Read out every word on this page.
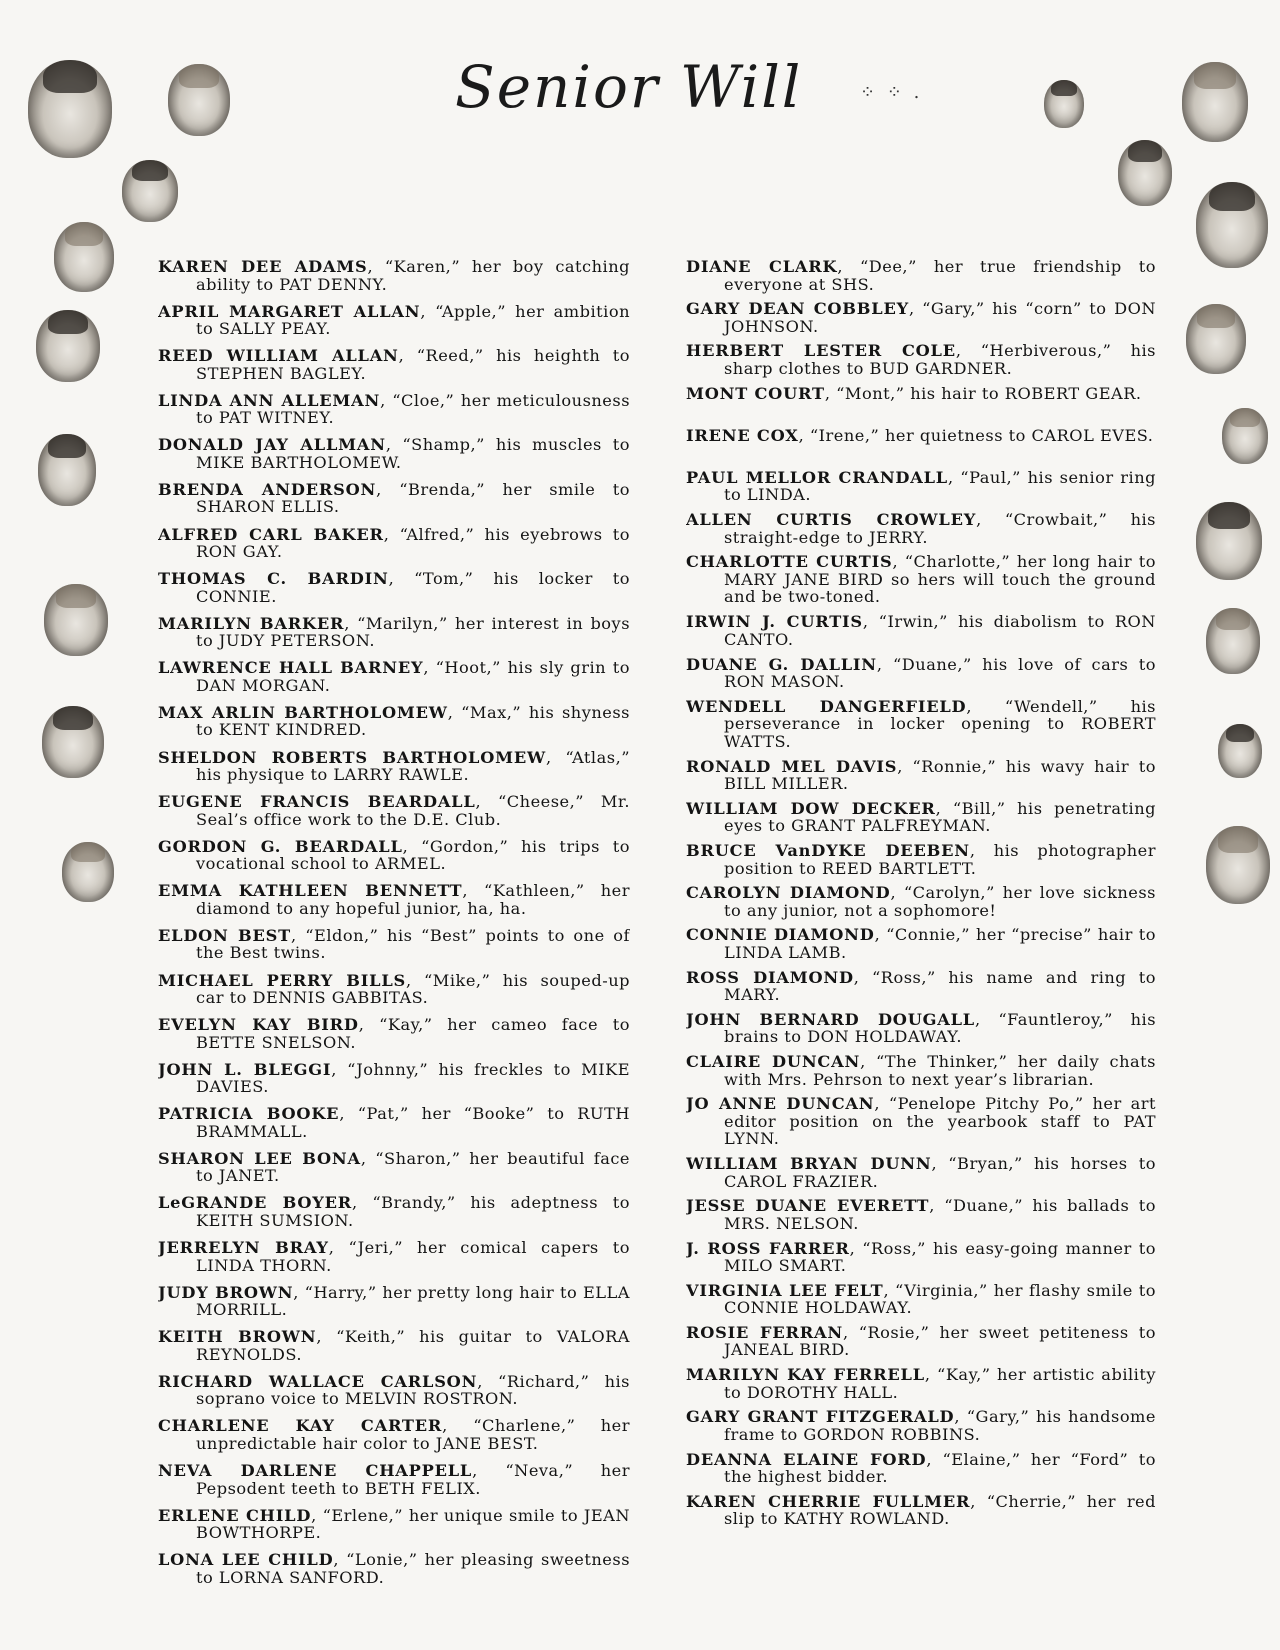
Senior Will	⁘ ⁘ .

KAREN DEE ADAMS, “Karen,” her boy catching ability to PAT DENNY.

APRIL MARGARET ALLAN, “Apple,” her ambition to SALLY PEAY.

REED WILLIAM ALLAN, “Reed,” his heighth to STEPHEN BAGLEY.

LINDA ANN ALLEMAN, “Cloe,” her meticulousness to PAT WITNEY.

DONALD JAY ALLMAN, “Shamp,” his muscles to MIKE BARTHOLOMEW.

BRENDA ANDERSON, “Brenda,” her smile to SHARON ELLIS.

ALFRED CARL BAKER, “Alfred,” his eyebrows to RON GAY.

THOMAS C. BARDIN, “Tom,” his locker to CONNIE.

MARILYN BARKER, “Marilyn,” her interest in boys to JUDY PETERSON.

LAWRENCE HALL BARNEY, “Hoot,” his sly grin to DAN MORGAN.

MAX ARLIN BARTHOLOMEW, “Max,” his shyness to KENT KINDRED.

SHELDON ROBERTS BARTHOLOMEW, “Atlas,” his physique to LARRY RAWLE.

EUGENE FRANCIS BEARDALL, “Cheese,” Mr. Seal’s office work to the D.E. Club.

GORDON G. BEARDALL, “Gordon,” his trips to vocational school to ARMEL.

EMMA KATHLEEN BENNETT, “Kathleen,” her diamond to any hopeful junior, ha, ha.

ELDON BEST, “Eldon,” his “Best” points to one of the Best twins.

MICHAEL PERRY BILLS, “Mike,” his souped-up car to DENNIS GABBITAS.

EVELYN KAY BIRD, “Kay,” her cameo face to BETTE SNELSON.

JOHN L. BLEGGI, “Johnny,” his freckles to MIKE DAVIES.

PATRICIA BOOKE, “Pat,” her “Booke” to RUTH BRAMMALL.

SHARON LEE BONA, “Sharon,” her beautiful face to JANET.

LeGRANDE BOYER, “Brandy,” his adeptness to KEITH SUMSION.

JERRELYN BRAY, “Jeri,” her comical capers to LINDA THORN.

JUDY BROWN, “Harry,” her pretty long hair to ELLA MORRILL.

KEITH BROWN, “Keith,” his guitar to VALORA REYNOLDS.

RICHARD WALLACE CARLSON, “Richard,” his soprano voice to MELVIN ROSTRON.

CHARLENE KAY CARTER, “Charlene,” her unpredictable hair color to JANE BEST.

NEVA DARLENE CHAPPELL, “Neva,” her Pepsodent teeth to BETH FELIX.

ERLENE CHILD, “Erlene,” her unique smile to JEAN BOWTHORPE.

LONA LEE CHILD, “Lonie,” her pleasing sweetness to LORNA SANFORD.

DIANE CLARK, “Dee,” her true friendship to everyone at SHS.

GARY DEAN COBBLEY, “Gary,” his “corn” to DON JOHNSON.

HERBERT LESTER COLE, “Herbiverous,” his sharp clothes to BUD GARDNER.

MONT COURT, “Mont,” his hair to ROBERT GEAR.

IRENE COX, “Irene,” her quietness to CAROL EVES.

PAUL MELLOR CRANDALL, “Paul,” his senior ring to LINDA.

ALLEN CURTIS CROWLEY, “Crowbait,” his straight-edge to JERRY.

CHARLOTTE CURTIS, “Charlotte,” her long hair to MARY JANE BIRD so hers will touch the ground and be two-toned.

IRWIN J. CURTIS, “Irwin,” his diabolism to RON CANTO.

DUANE G. DALLIN, “Duane,” his love of cars to RON MASON.

WENDELL DANGERFIELD, “Wendell,” his perseverance in locker opening to ROBERT WATTS.

RONALD MEL DAVIS, “Ronnie,” his wavy hair to BILL MILLER.

WILLIAM DOW DECKER, “Bill,” his penetrating eyes to GRANT PALFREYMAN.

BRUCE VanDYKE DEEBEN, his photographer position to REED BARTLETT.

CAROLYN DIAMOND, “Carolyn,” her love sickness to any junior, not a sophomore!

CONNIE DIAMOND, “Connie,” her “precise” hair to LINDA LAMB.

ROSS DIAMOND, “Ross,” his name and ring to MARY.

JOHN BERNARD DOUGALL, “Fauntleroy,” his brains to DON HOLDAWAY.

CLAIRE DUNCAN, “The Thinker,” her daily chats with Mrs. Pehrson to next year’s librarian.

JO ANNE DUNCAN, “Penelope Pitchy Po,” her art editor position on the yearbook staff to PAT LYNN.

WILLIAM BRYAN DUNN, “Bryan,” his horses to CAROL FRAZIER.

JESSE DUANE EVERETT, “Duane,” his ballads to MRS. NELSON.

J. ROSS FARRER, “Ross,” his easy-going manner to MILO SMART.

VIRGINIA LEE FELT, “Virginia,” her flashy smile to CONNIE HOLDAWAY.

ROSIE FERRAN, “Rosie,” her sweet petiteness to JANEAL BIRD.

MARILYN KAY FERRELL, “Kay,” her artistic ability to DOROTHY HALL.

GARY GRANT FITZGERALD, “Gary,” his handsome frame to GORDON ROBBINS.

DEANNA ELAINE FORD, “Elaine,” her “Ford” to the highest bidder.

KAREN CHERRIE FULLMER, “Cherrie,” her red slip to KATHY ROWLAND.
